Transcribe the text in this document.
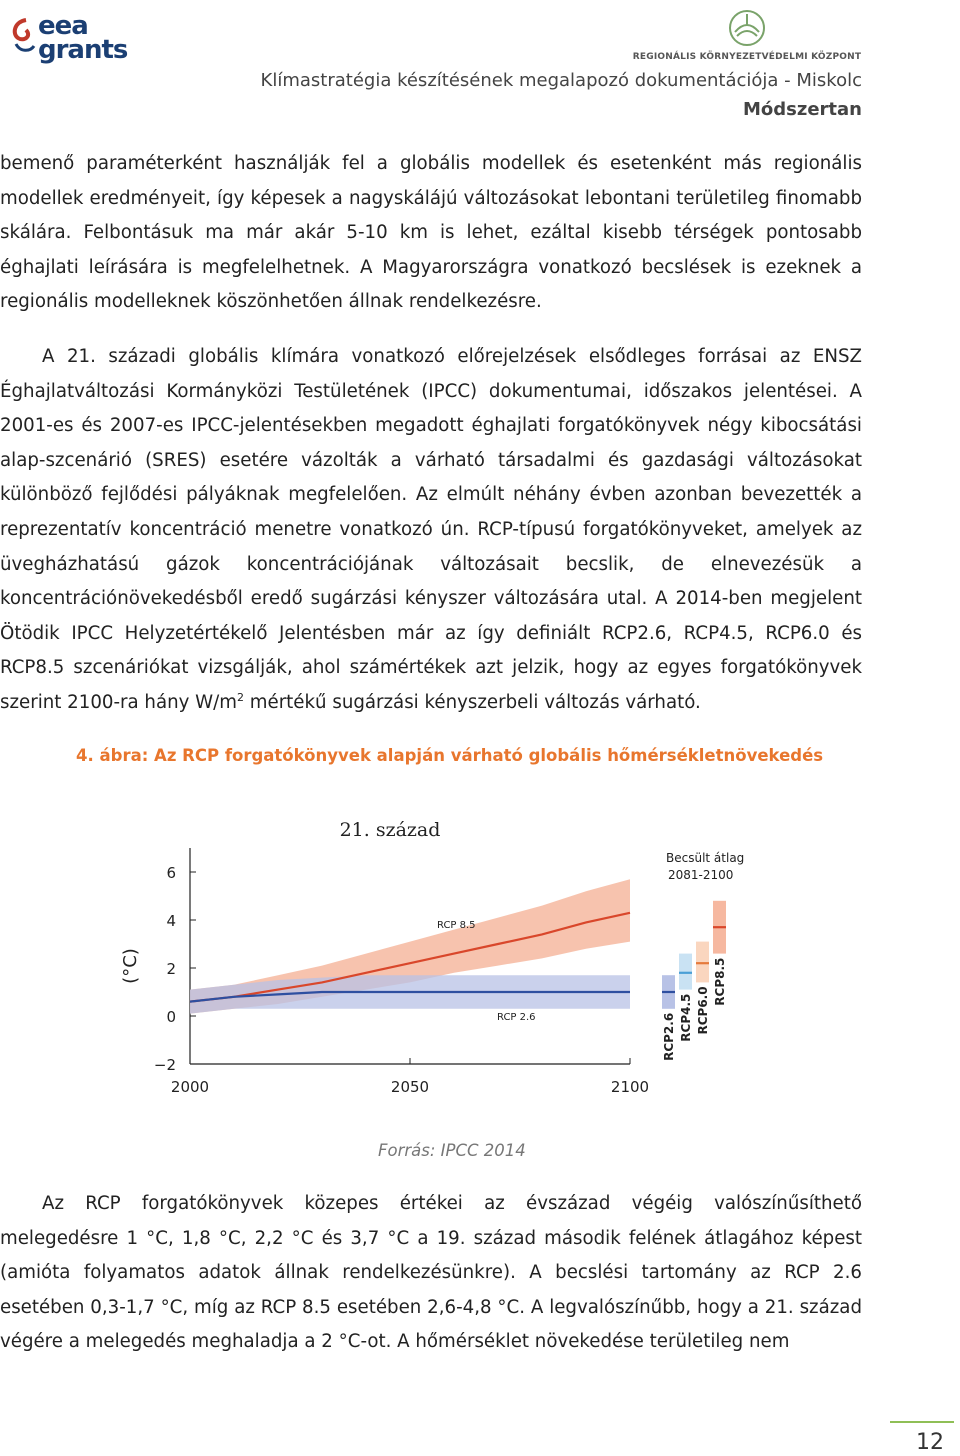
eea grants	REGIONÁLIS KÖRNYEZETVÉDELMI KÖZPONT
Klímastratégia készítésének megalapozó dokumentációja - Miskolc
Módszertan

bemenő paraméterként használják fel a globális modellek és esetenként más regionális modellek eredményeit, így képesek a nagyskálájú változásokat lebontani területileg finomabb skálára. Felbontásuk ma már akár 5-10 km is lehet, ezáltal kisebb térségek pontosabb éghajlati leírására is megfelelhetnek. A Magyarországra vonatkozó becslések is ezeknek a regionális modelleknek köszönhetően állnak rendelkezésre.

A 21. századi globális klímára vonatkozó előrejelzések elsődleges forrásai az ENSZ Éghajlatváltozási Kormányközi Testületének (IPCC) dokumentumai, időszakos jelentései. A 2001-es és 2007-es IPCC-jelentésekben megadott éghajlati forgatókönyvek négy kibocsátási alap-szcenárió (SRES) esetére vázolták a várható társadalmi és gazdasági változásokat különböző fejlődési pályáknak megfelelően. Az elmúlt néhány évben azonban bevezették a reprezentatív koncentráció menetre vonatkozó ún. RCP-típusú forgatókönyveket, amelyek az üvegházhatású gázok koncentrációjának változásait becslik, de elnevezésük a koncentrációnövekedésből eredő sugárzási kényszer változására utal. A 2014-ben megjelent Ötödik IPCC Helyzetértékelő Jelentésben már az így definiált RCP2.6, RCP4.5, RCP6.0 és RCP8.5 szcenáriókat vizsgálják, ahol számértékek azt jelzik, hogy az egyes forgatókönyvek szerint 2100-ra hány $W/m^2$ mértékű sugárzási kényszerbeli változás várható.

4. ábra: Az RCP forgatókönyvek alapján várható globális hőmérsékletnövekedés
21. század
(°C)
−2
0
2
4
6
2000	2050	2100
RCP 8.5
RCP 2.6
Becsült átlag
2081-2100
RCP2.6 RCP4.5 RCP6.0
RCP8.5
Forrás: IPCC 2014

Az RCP forgatókönyvek közepes értékei az évszázad végéig valószínűsíthető melegedésre 1 °C, 1,8 °C, 2,2 °C és 3,7 °C a 19. század második felének átlagához képest (amióta folyamatos adatok állnak rendelkezésünkre). A becslési tartomány az RCP 2.6 esetében 0,3-1,7 °C, míg az RCP 8.5 esetében 2,6-4,8 °C. A legvalószínűbb, hogy a 21. század végére a melegedés meghaladja a 2 °C-ot. A hőmérséklet növekedése területileg nem

12
